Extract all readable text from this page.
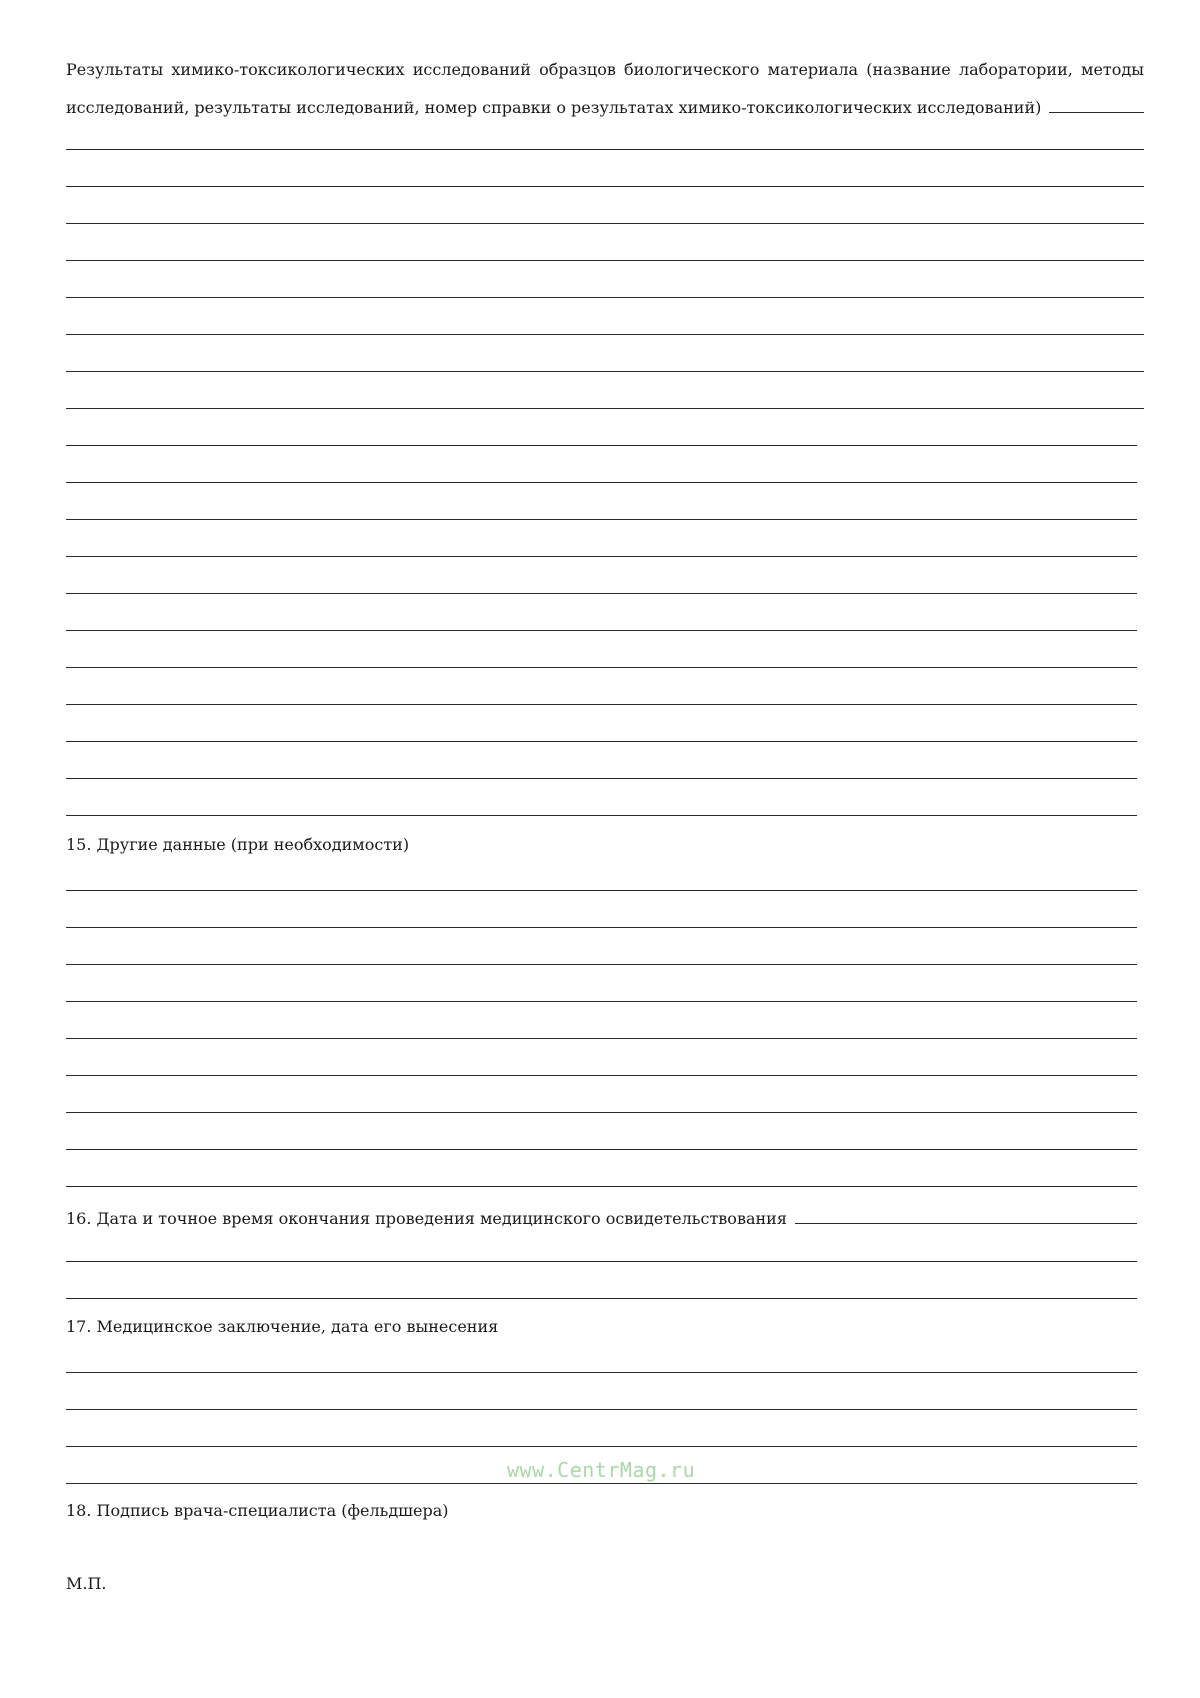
Результаты химико-токсикологических исследований образцов биологического материала (название лаборатории, методы
исследований, результаты исследований, номер справки о результатах химико-токсикологических исследований)
15. Другие данные (при необходимости)
16. Дата и точное время окончания проведения медицинского освидетельствования
17. Медицинское заключение, дата его вынесения
www.CentrMag.ru
18. Подпись врача-специалиста (фельдшера)
М.П.
